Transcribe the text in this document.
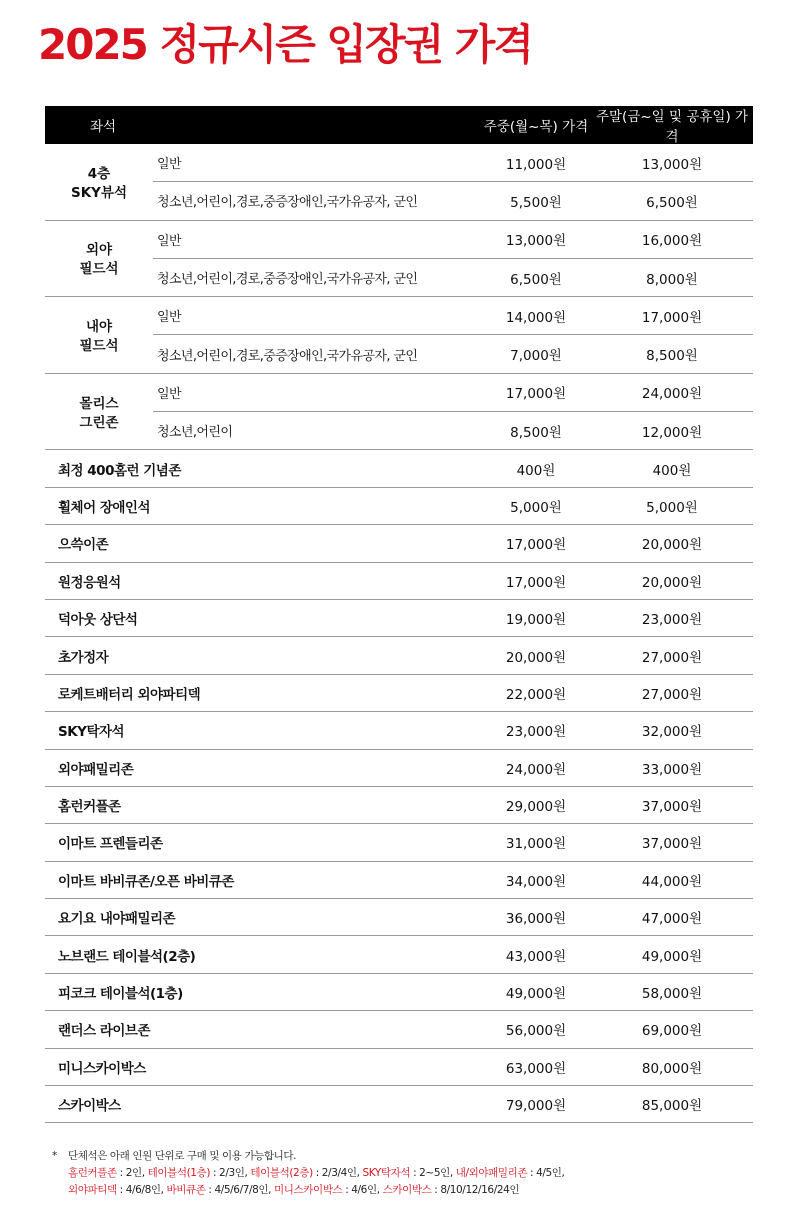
2025 정규시즌 입장권 가격
좌석	주중(월~목) 가격
주말(금~일 및 공휴일) 가격
4층
SKY뷰석
일반	11,000원	13,000원
청소년,어린이,경로,중증장애인,국가유공자, 군인	5,500원	6,500원
외야
필드석
일반	13,000원	16,000원
청소년,어린이,경로,중증장애인,국가유공자, 군인	6,500원	8,000원
내야
필드석
일반	14,000원	17,000원
청소년,어린이,경로,중증장애인,국가유공자, 군인	7,000원	8,500원
몰리스
그린존
일반	17,000원	24,000원
청소년,어린이	8,500원	12,000원
최정 400홈런 기념존	400원	400원
휠체어 장애인석	5,000원	5,000원
으쓱이존	17,000원	20,000원
원정응원석	17,000원	20,000원
덕아웃 상단석	19,000원	23,000원
초가정자	20,000원	27,000원
로케트배터리 외야파티덱	22,000원	27,000원
SKY탁자석	23,000원	32,000원
외야패밀리존	24,000원	33,000원
홈런커플존	29,000원	37,000원
이마트 프렌들리존	31,000원	37,000원
이마트 바비큐존/오픈 바비큐존	34,000원	44,000원
요기요 내야패밀리존	36,000원	47,000원
노브랜드 테이블석(2층)	43,000원	49,000원
피코크 테이블석(1층)	49,000원	58,000원
랜더스 라이브존	56,000원	69,000원
미니스카이박스	63,000원	80,000원
스카이박스	79,000원	85,000원
*	단체석은 아래 인원 단위로 구매 및 이용 가능합니다.
홈런커플존 : 2인, 테이블석(1층) : 2/3인, 테이블석(2층) : 2/3/4인, SKY탁자석 : 2~5인, 내/외야패밀리존 : 4/5인,
외야파티덱 : 4/6/8인, 바비큐존 : 4/5/6/7/8인, 미니스카이박스 : 4/6인, 스카이박스 : 8/10/12/16/24인
